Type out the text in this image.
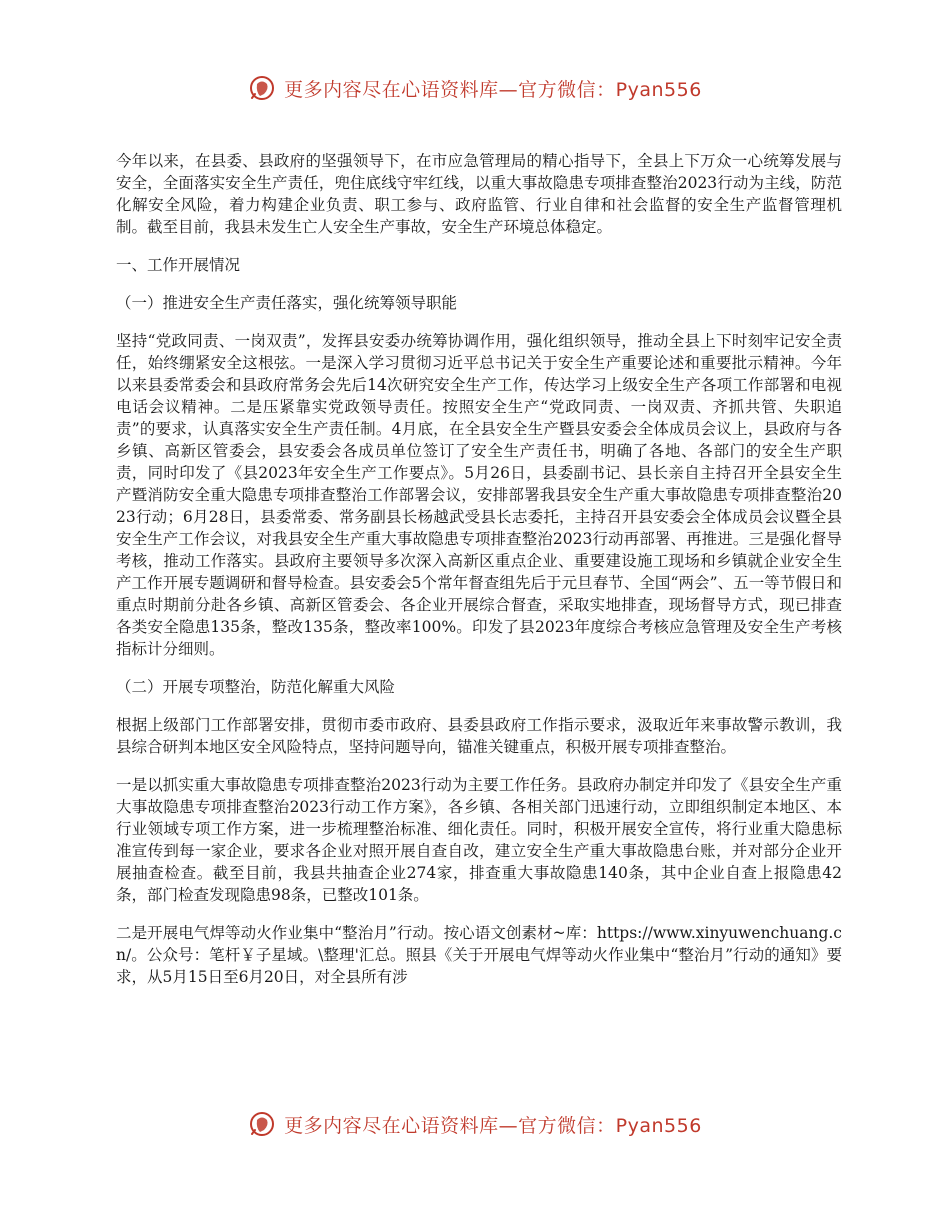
更多内容尽在心语资料库—官方微信：Pyan556

今年以来，在县委、县政府的坚强领导下，在市应急管理局的精心指导下，全县上下万众一心统筹发展与安全，全面落实安全生产责任，兜住底线守牢红线，以重大事故隐患专项排查整治2023行动为主线，防范化解安全风险，着力构建企业负责、职工参与、政府监管、行业自律和社会监督的安全生产监督管理机制。截至目前，我县未发生亡人安全生产事故，安全生产环境总体稳定。

一、工作开展情况

（一）推进安全生产责任落实，强化统筹领导职能

坚持“党政同责、一岗双责”，发挥县安委办统筹协调作用，强化组织领导，推动全县上下时刻牢记安全责任，始终绷紧安全这根弦。一是深入学习贯彻习近平总书记关于安全生产重要论述和重要批示精神。今年以来县委常委会和县政府常务会先后14次研究安全生产工作，传达学习上级安全生产各项工作部署和电视电话会议精神。二是压紧靠实党政领导责任。按照安全生产“党政同责、一岗双责、齐抓共管、失职追责”的要求，认真落实安全生产责任制。4月底，在全县安全生产暨县安委会全体成员会议上，县政府与各乡镇、高新区管委会，县安委会各成员单位签订了安全生产责任书，明确了各地、各部门的安全生产职责，同时印发了《县2023年安全生产工作要点》。5月26日，县委副书记、县长亲自主持召开全县安全生产暨消防安全重大隐患专项排查整治工作部署会议，安排部署我县安全生产重大事故隐患专项排查整治2023行动；6月28日，县委常委、常务副县长杨越武受县长志委托，主持召开县安委会全体成员会议暨全县安全生产工作会议，对我县安全生产重大事故隐患专项排查整治2023行动再部署、再推进。三是强化督导考核，推动工作落实。县政府主要领导多次深入高新区重点企业、重要建设施工现场和乡镇就企业安全生产工作开展专题调研和督导检查。县安委会5个常年督查组先后于元旦春节、全国“两会”、五一等节假日和重点时期前分赴各乡镇、高新区管委会、各企业开展综合督查，采取实地排查，现场督导方式，现已排查各类安全隐患135条，整改135条，整改率100%。印发了县2023年度综合考核应急管理及安全生产考核指标计分细则。

（二）开展专项整治，防范化解重大风险

根据上级部门工作部署安排，贯彻市委市政府、县委县政府工作指示要求，汲取近年来事故警示教训，我县综合研判本地区安全风险特点，坚持问题导向，锚准关键重点，积极开展专项排查整治。

一是以抓实重大事故隐患专项排查整治2023行动为主要工作任务。县政府办制定并印发了《县安全生产重大事故隐患专项排查整治2023行动工作方案》，各乡镇、各相关部门迅速行动，立即组织制定本地区、本行业领域专项工作方案，进一步梳理整治标准、细化责任。同时，积极开展安全宣传，将行业重大隐患标准宣传到每一家企业，要求各企业对照开展自查自改，建立安全生产重大事故隐患台账，并对部分企业开展抽查检查。截至目前，我县共抽查企业274家，排查重大事故隐患140条，其中企业自查上报隐患42条，部门检查发现隐患98条，已整改101条。

二是开展电气焊等动火作业集中“整治月”行动。按心语文创素材~库：https://www.xinyuwenchuang.cn/。公众号：笔杆￥子星域。\整理'汇总。照县《关于开展电气焊等动火作业集中“整治月”行动的通知》要求，从5月15日至6月20日，对全县所有涉

更多内容尽在心语资料库—官方微信：Pyan556
